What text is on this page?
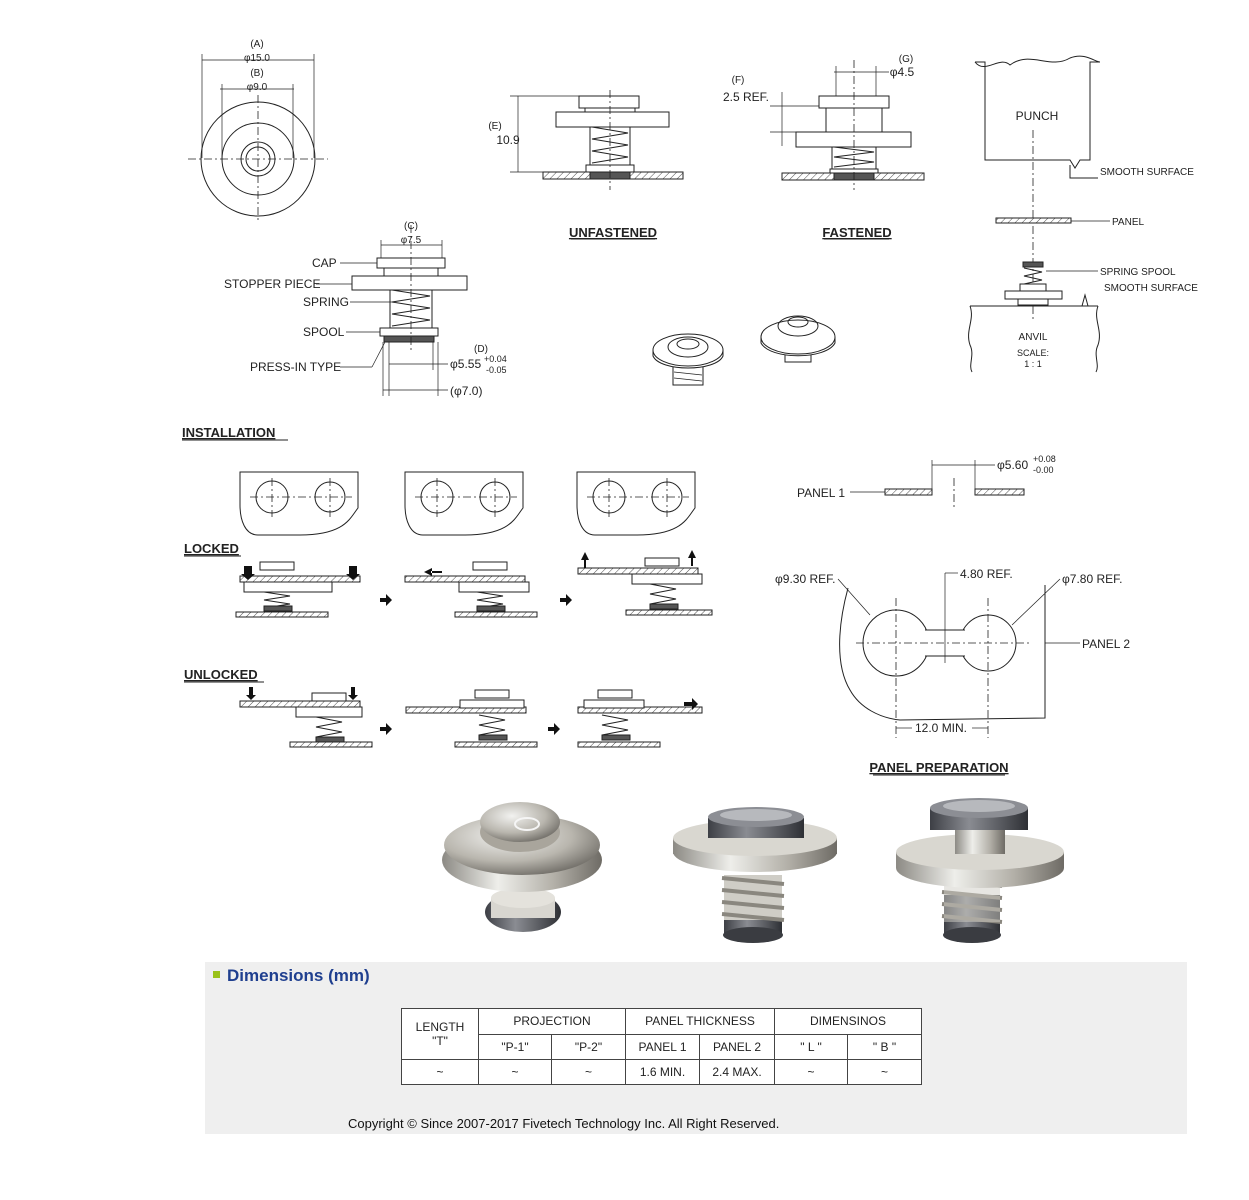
(A)
φ15.0
(B)
φ9.0
(C)
φ7.5
CAP
STOPPER PIECE
SPRING
SPOOL
PRESS-IN TYPE
(D)
φ5.55 +0.04
-0.05
(φ7.0)
(E)
10.9
UNFASTENED
(F)
2.5 REF.
(G)
φ4.5
FASTENED
PUNCH
SMOOTH SURFACE
PANEL
SPRING SPOOL
SMOOTH SURFACE
ANVIL
SCALE:
1 : 1
INSTALLATION
LOCKED
UNLOCKED
φ5.60 +0.08
-0.00
PANEL 1
4.80 REF.
φ9.30 REF.	φ7.80 REF.
PANEL 2
12.0 MIN.
PANEL PREPARATION
Dimensions (mm)
LENGTH
"T"	PROJECTION		PANEL THICKNESS		DIMENSINOS	
	"P-1"	"P-2"	PANEL 1	PANEL 2	" L "	" B "
~	~	~	1.6 MIN.	2.4 MAX.	~	~
Copyright © Since 2007-2017 Fivetech Technology Inc. All Right Reserved.
